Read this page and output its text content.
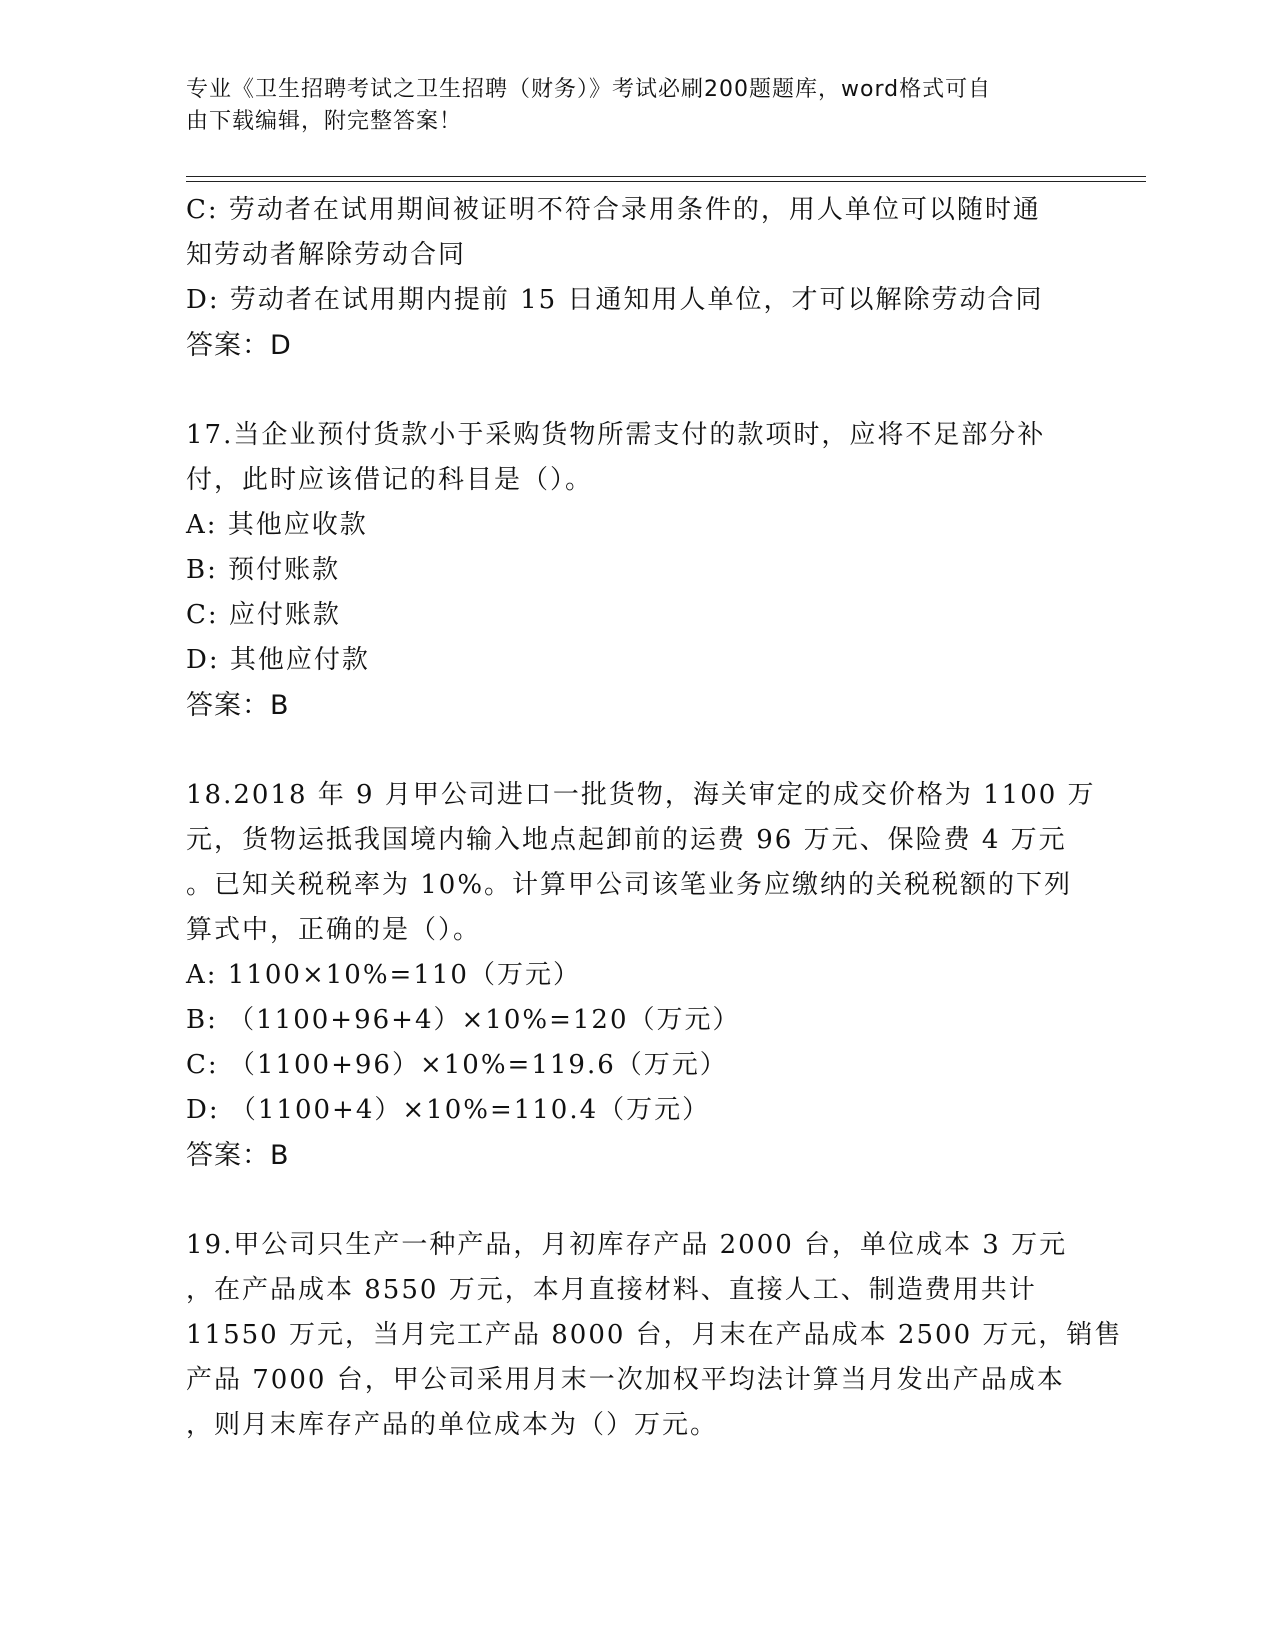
专业《卫生招聘考试之卫生招聘（财务）》考试必刷200题题库，word格式可自
由下载编辑，附完整答案！
C: 劳动者在试用期间被证明不符合录用条件的，用人单位可以随时通
知劳动者解除劳动合同
D: 劳动者在试用期内提前 15 日通知用人单位，才可以解除劳动合同
答案：D
17.当企业预付货款小于采购货物所需支付的款项时，应将不足部分补
付，此时应该借记的科目是（）。
A: 其他应收款
B: 预付账款
C: 应付账款
D: 其他应付款
答案：B
18.2018 年 9 月甲公司进口一批货物，海关审定的成交价格为 1100 万
元，货物运抵我国境内输入地点起卸前的运费 96 万元、保险费 4 万元
。已知关税税率为 10%。计算甲公司该笔业务应缴纳的关税税额的下列
算式中，正确的是（）。
A: 1100×10%=110（万元）
B: （1100+96+4）×10%=120（万元）
C: （1100+96）×10%=119.6（万元）
D: （1100+4）×10%=110.4（万元）
答案：B
19.甲公司只生产一种产品，月初库存产品 2000 台，单位成本 3 万元
，在产品成本 8550 万元，本月直接材料、直接人工、制造费用共计
11550 万元，当月完工产品 8000 台，月末在产品成本 2500 万元，销售
产品 7000 台，甲公司采用月末一次加权平均法计算当月发出产品成本
，则月末库存产品的单位成本为（）万元。
